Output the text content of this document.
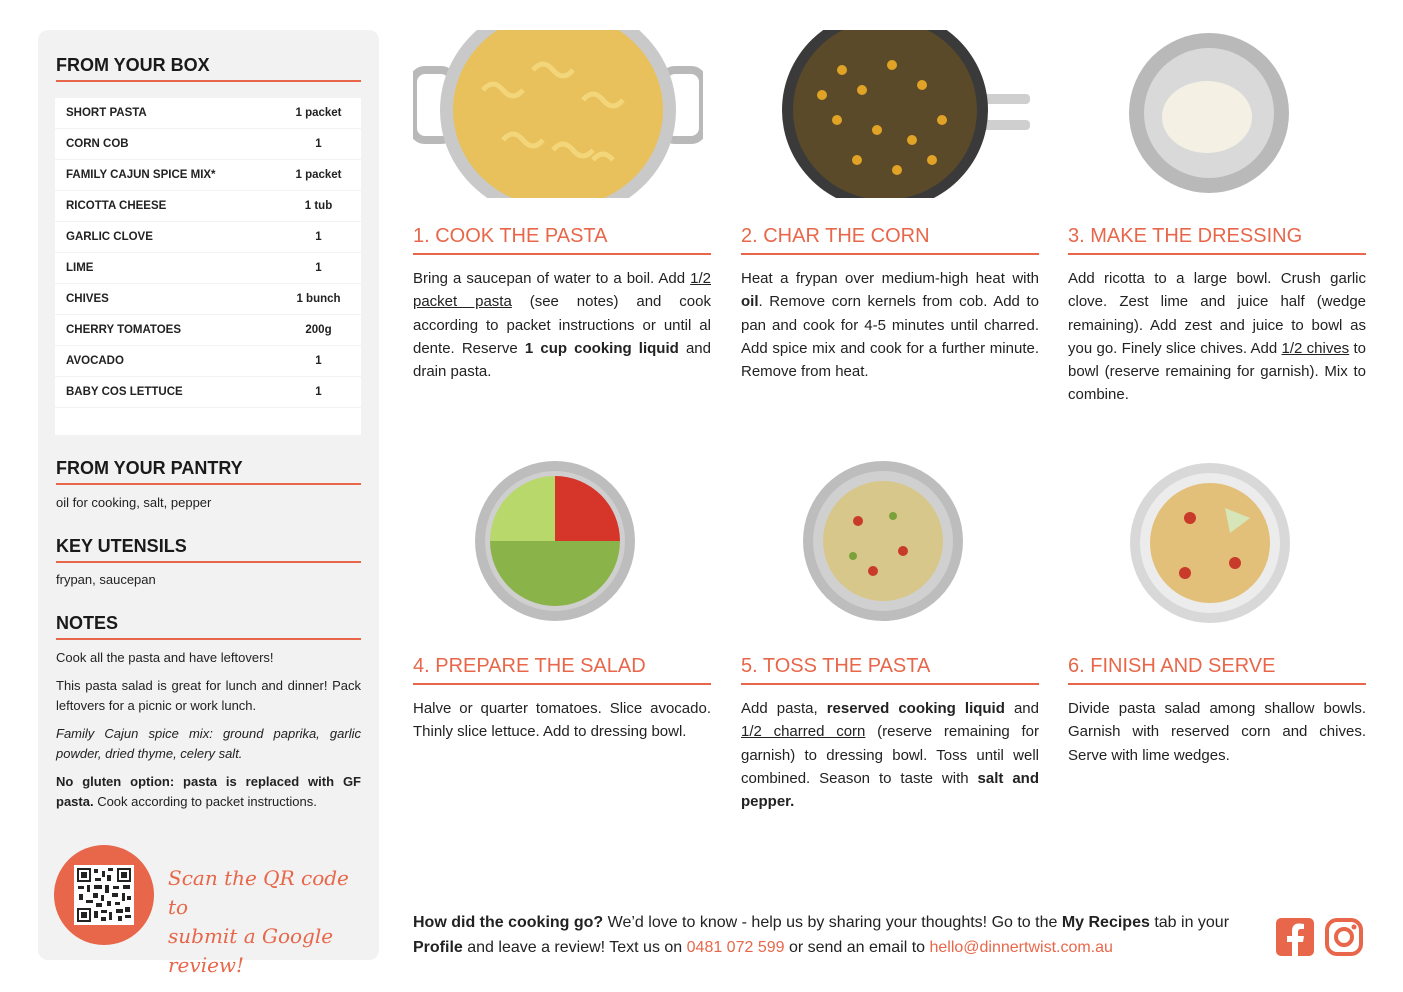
FROM YOUR BOX
SHORT PASTA	1 packet
CORN COB	1
FAMILY CAJUN SPICE MIX*	1 packet
RICOTTA CHEESE	1 tub
GARLIC CLOVE	1
LIME	1
CHIVES	1 bunch
CHERRY TOMATOES	200g
AVOCADO	1
BABY COS LETTUCE	1
FROM YOUR PANTRY
oil for cooking, salt, pepper
KEY UTENSILS
frypan, saucepan
NOTES

Cook all the pasta and have leftovers!

This pasta salad is great for lunch and dinner! Pack leftovers for a picnic or work lunch.

Family Cajun spice mix: ground paprika, garlic powder, dried thyme, celery salt.

No gluten option: pasta is replaced with GF pasta. Cook according to packet instructions.

Scan the QR code to
submit a Google review!
1. COOK THE PASTA
Bring a saucepan of water to a boil. Add 1/2 packet pasta (see notes) and cook according to packet instructions or until al dente. Reserve 1 cup cooking liquid and drain pasta.
2. CHAR THE CORN
Heat a frypan over medium-high heat with oil. Remove corn kernels from cob. Add to pan and cook for 4-5 minutes until charred. Add spice mix and cook for a further minute. Remove from heat.
3. MAKE THE DRESSING
Add ricotta to a large bowl. Crush garlic clove. Zest lime and juice half (wedge remaining). Add zest and juice to bowl as you go. Finely slice chives. Add 1/2 chives to bowl (reserve remaining for garnish). Mix to combine.
4. PREPARE THE SALAD
Halve or quarter tomatoes. Slice avocado. Thinly slice lettuce. Add to dressing bowl.
5. TOSS THE PASTA
Add pasta, reserved cooking liquid and 1/2 charred corn (reserve remaining for garnish) to dressing bowl. Toss until well combined. Season to taste with salt and pepper.
6. FINISH AND SERVE
Divide pasta salad among shallow bowls. Garnish with reserved corn and chives. Serve with lime wedges.
How did the cooking go? We’d love to know - help us by sharing your thoughts! Go to the My Recipes tab in your Profile and leave a review! Text us on 0481 072 599 or send an email to hello@dinnertwist.com.au
